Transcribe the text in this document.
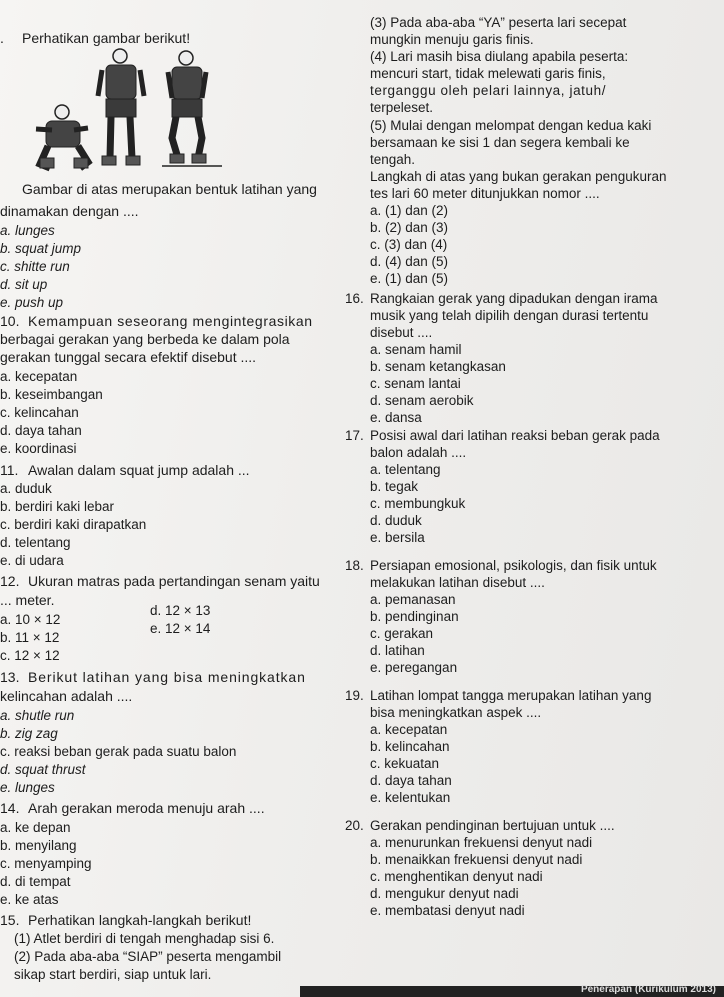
. Perhatikan gambar berikut!
Gambar di atas merupakan bentuk latihan yang
dinamakan dengan ....
a. lunges
b. squat jump
c. shitte run
d. sit up
e. push up
10. Kemampuan seseorang mengintegrasikan
berbagai gerakan yang berbeda ke dalam pola
gerakan tunggal secara efektif disebut ....
a. kecepatan
b. keseimbangan
c. kelincahan
d. daya tahan
e. koordinasi
11. Awalan dalam squat jump adalah ...
a. duduk
b. berdiri kaki lebar
c. berdiri kaki dirapatkan
d. telentang
e. di udara
12. Ukuran matras pada pertandingan senam yaitu
... meter.
a. 10 × 12
b. 11 × 12
c. 12 × 12
d. 12 × 13
e. 12 × 14
13. Berikut latihan yang bisa meningkatkan
kelincahan adalah ....
a. shutle run
b. zig zag
c. reaksi beban gerak pada suatu balon
d. squat thrust
e. lunges
14. Arah gerakan meroda menuju arah ....
a. ke depan
b. menyilang
c. menyamping
d. di tempat
e. ke atas
15. Perhatikan langkah-langkah berikut!
(1) Atlet berdiri di tengah menghadap sisi 6.
(2) Pada aba-aba “SIAP” peserta mengambil
sikap start berdiri, siap untuk lari.
(3) Pada aba-aba “YA” peserta lari secepat
mungkin menuju garis finis.
(4) Lari masih bisa diulang apabila peserta:
mencuri start, tidak melewati garis finis,
terganggu oleh pelari lainnya, jatuh/
terpeleset.
(5) Mulai dengan melompat dengan kedua kaki
bersamaan ke sisi 1 dan segera kembali ke
tengah.
Langkah di atas yang bukan gerakan pengukuran
tes lari 60 meter ditunjukkan nomor ....
a. (1) dan (2)
b. (2) dan (3)
c. (3) dan (4)
d. (4) dan (5)
e. (1) dan (5)
16. Rangkaian gerak yang dipadukan dengan irama
musik yang telah dipilih dengan durasi tertentu
disebut ....
a. senam hamil
b. senam ketangkasan
c. senam lantai
d. senam aerobik
e. dansa
17. Posisi awal dari latihan reaksi beban gerak pada
balon adalah ....
a. telentang
b. tegak
c. membungkuk
d. duduk
e. bersila
18. Persiapan emosional, psikologis, dan fisik untuk
melakukan latihan disebut ....
a. pemanasan
b. pendinginan
c. gerakan
d. latihan
e. peregangan
19. Latihan lompat tangga merupakan latihan yang
bisa meningkatkan aspek ....
a. kecepatan
b. kelincahan
c. kekuatan
d. daya tahan
e. kelentukan
20. Gerakan pendinginan bertujuan untuk ....
a. menurunkan frekuensi denyut nadi
b. menaikkan frekuensi denyut nadi
c. menghentikan denyut nadi
d. mengukur denyut nadi
e. membatasi denyut nadi
Penerapan (Kurikulum 2013)
